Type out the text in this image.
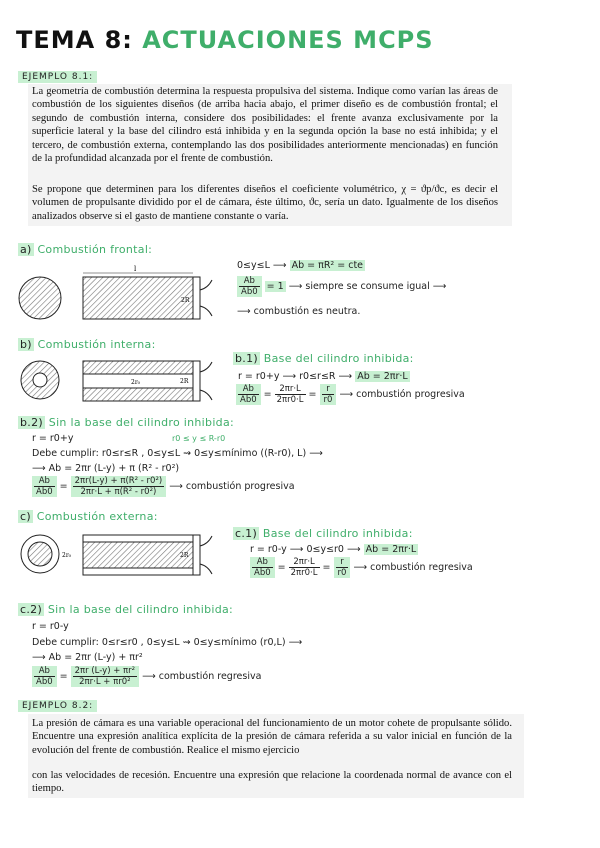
TEMA 8: ACTUACIONES MCPS
EJEMPLO 8.1:
La geometría de combustión determina la respuesta propulsiva del sistema. Indique como varían las áreas de combustión de los siguientes diseños (de arriba hacia abajo, el primer diseño es de combustión frontal; el segundo de combustión interna, considere dos posibilidades: el frente avanza exclusivamente por la superficie lateral y la base del cilindro está inhibida y en la segunda opción la base no está inhibida; y el tercero, de combustión externa, contemplando las dos posibilidades anteriormente mencionadas) en función de la profundidad alcanzada por el frente de combustión.
Se propone que determinen para los diferentes diseños el coeficiente volumétrico, χ = ϑp/ϑc, es decir el volumen de propulsante dividido por el de cámara, éste último, ϑc, sería un dato. Igualmente de los diseños analizados observe si el gasto de mantiene constante o varía.
a) Combustión frontal:
l
2R
0≤y≤L ⟶ Ab = πR² = cte
$\frac{Ab}{Ab0} = 1$ ⟶ siempre se consume igual ⟶
⟶ combustión es neutra.
b) Combustión interna:
2r₀	2R
b.1) Base del cilindro inhibida:
r = r0+y ⟶ r0≤r≤R ⟶ Ab = 2πr·L
$\frac{Ab}{Ab0} = \frac{2\pi r\cdot L}{2\pi r0\cdot L} = \frac{r}{r0}$ ⟶ combustión progresiva
b.2) Sin la base del cilindro inhibida:
r = r0+y	r0 ≤ y ≤ R-r0
Debe cumplir: r0≤r≤R , 0≤y≤L ⇝ 0≤y≤mínimo ((R-r0), L) ⟶
⟶ Ab = 2πr (L-y) + π (R² - r0²)
$\frac{Ab}{Ab0} = \frac{\text{2πr(L-y) + π(R² - r0²)}}{\text{2πr·L + π(R² - r0²)}}$ ⟶ combustión progresiva
c) Combustión externa:
2r₀	2R
c.1) Base del cilindro inhibida:
r = r0-y ⟶ 0≤y≤r0 ⟶ Ab = 2πr·L
$\frac{Ab}{Ab0} = \frac{2\pi r\cdot L}{2\pi r0\cdot L} = \frac{r}{r0}$ ⟶ combustión regresiva
c.2) Sin la base del cilindro inhibida:
r = r0-y
Debe cumplir: 0≤r≤r0 , 0≤y≤L ⇝ 0≤y≤mínimo (r0,L) ⟶
⟶ Ab = 2πr (L-y) + πr²
$\frac{Ab}{Ab0} = \frac{\text{2πr (L-y) + πr²}}{\text{2πr·L + πr0²}}$ ⟶ combustión regresiva
EJEMPLO 8.2:
La presión de cámara es una variable operacional del funcionamiento de un motor cohete de propulsante sólido. Encuentre una expresión analítica explícita de la presión de cámara referida a su valor inicial en función de la evolución del frente de combustión. Realice el mismo ejercicio
con las velocidades de recesión. Encuentre una expresión que relacione la coordenada normal de avance con el tiempo.
